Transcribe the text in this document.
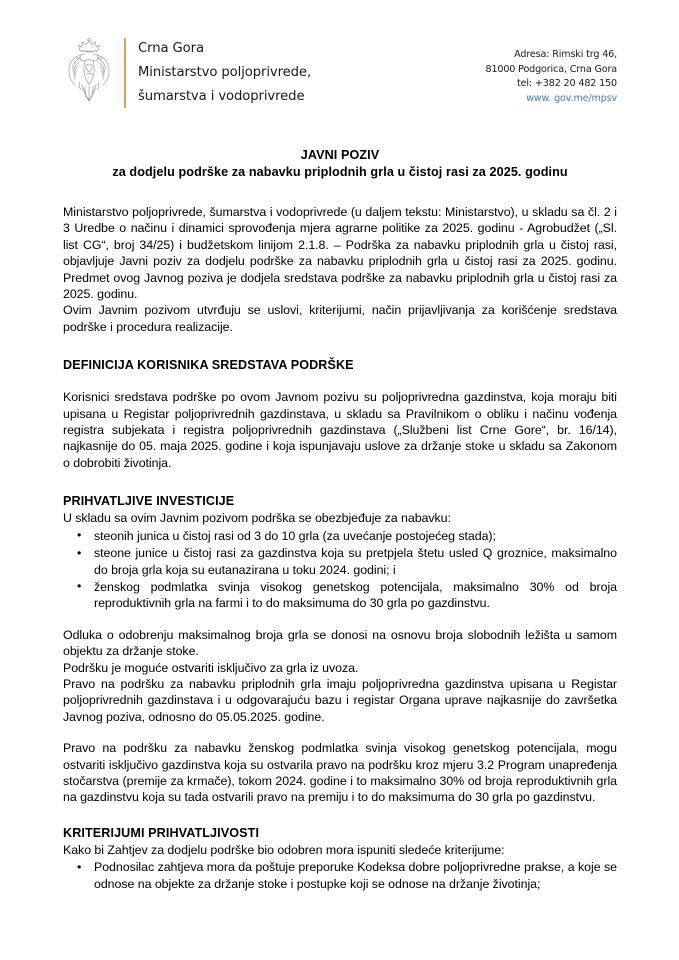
Crna Gora
Ministarstvo poljoprivrede,
šumarstva i vodoprivrede
Adresa: Rimski trg 46,
81000 Podgorica, Crna Gora
tel: +382 20 482 150
www. gov.me/mpsv
JAVNI POZIV
za dodjelu podrške za nabavku priplodnih grla u čistoj rasi za 2025. godinu

Ministarstvo poljoprivrede, šumarstva i vodoprivrede (u daljem tekstu: Ministarstvo), u skladu sa čl. 2 i 3 Uredbe o načinu i dinamici sprovođenja mjera agrarne politike za 2025. godinu - Agrobudžet („Sl. list CG“, broj 34/25) i budžetskom linijom 2.1.8. – Podrška za nabavku priplodnih grla u čistoj rasi, objavljuje Javni poziv za dodjelu podrške za nabavku priplodnih grla u čistoj rasi za 2025. godinu. Predmet ovog Javnog poziva je dodjela sredstava podrške za nabavku priplodnih grla u čistoj rasi za 2025. godinu.

Ovim Javnim pozivom utvrđuju se uslovi, kriterijumi, način prijavljivanja za korišćenje sredstava podrške i procedura realizacije.

DEFINICIJA KORISNIKA SREDSTAVA PODRŠKE

Korisnici sredstava podrške po ovom Javnom pozivu su poljoprivredna gazdinstva, koja moraju biti upisana u Registar poljoprivrednih gazdinstava, u skladu sa Pravilnikom o obliku i načinu vođenja registra subjekata i registra poljoprivrednih gazdinstava („Službeni list Crne Gore“, br. 16/14), najkasnije do 05. maja 2025. godine i koja ispunjavaju uslove za držanje stoke u skladu sa Zakonom o dobrobiti životinja.

PRIHVATLJIVE INVESTICIJE

U skladu sa ovim Javnim pozivom podrška se obezbjeđuje za nabavku:

• steonih junica u čistoj rasi od 3 do 10 grla (za uvećanje postojećeg stada);
• steone junice u čistoj rasi za gazdinstva koja su pretpjela štetu usled Q groznice, maksimalno do broja grla koja su eutanazirana u toku 2024. godini; i
• ženskog podmlatka svinja visokog genetskog potencijala, maksimalno 30% od broja reproduktivnih grla na farmi i to do maksimuma do 30 grla po gazdinstvu.

Odluka o odobrenju maksimalnog broja grla se donosi na osnovu broja slobodnih ležišta u samom objektu za držanje stoke.

Podršku je moguće ostvariti isključivo za grla iz uvoza.

Pravo na podršku za nabavku priplodnih grla imaju poljoprivredna gazdinstva upisana u Registar poljoprivrednih gazdinstava i u odgovarajuću bazu i registar Organa uprave najkasnije do završetka Javnog poziva, odnosno do 05.05.2025. godine.

Pravo na podršku za nabavku ženskog podmlatka svinja visokog genetskog potencijala, mogu ostvariti isključivo gazdinstva koja su ostvarila pravo na podršku kroz mjeru 3.2 Program unapređenja stočarstva (premije za krmače), tokom 2024. godine i to maksimalno 30% od broja reproduktivnih grla na gazdinstvu koja su tada ostvarili pravo na premiju i to do maksimuma do 30 grla po gazdinstvu.

KRITERIJUMI PRIHVATLJIVOSTI

Kako bi Zahtjev za dodjelu podrške bio odobren mora ispuniti sledeće kriterijume:

• Podnosilac zahtjeva mora da poštuje preporuke Kodeksa dobre poljoprivredne prakse, a koje se odnose na objekte za držanje stoke i postupke koji se odnose na držanje životinja;
